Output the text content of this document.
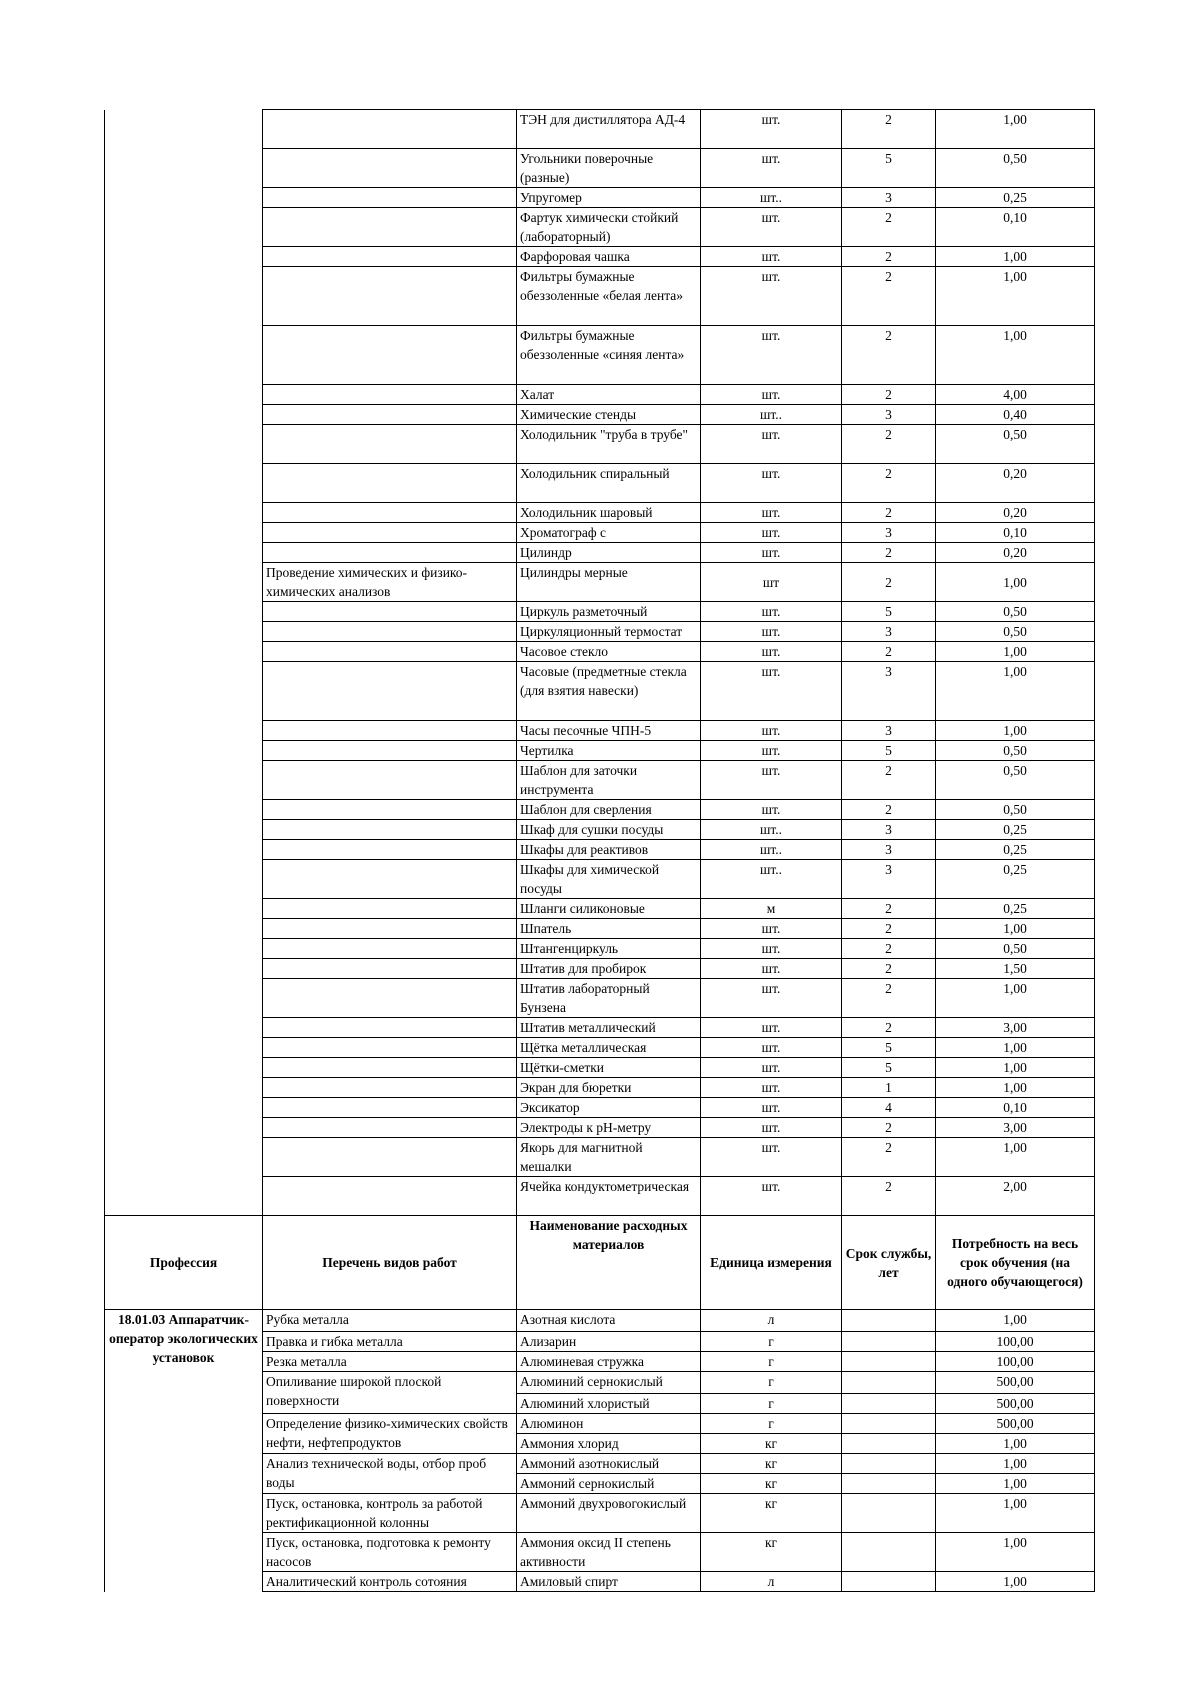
		ТЭН для дистиллятора АД-4	шт.	2	1,00
		Угольники поверочные (разные)	шт.	5	0,50
		Упругомер	шт..	3	0,25
		Фартук химически стойкий (лабораторный)	шт.	2	0,10
		Фарфоровая чашка	шт.	2	1,00
		Фильтры бумажные обеззоленные «белая лента»	шт.	2	1,00
		Фильтры бумажные обеззоленные «синяя лента»	шт.	2	1,00
		Халат	шт.	2	4,00
		Химические стенды	шт..	3	0,40
		Холодильник "труба в трубе"	шт.	2	0,50
		Холодильник спиральный	шт.	2	0,20
		Холодильник шаровый	шт.	2	0,20
		Хроматограф с	шт.	3	0,10
		Цилиндр	шт.	2	0,20
	Проведение химических и физико-химических анализов	Цилиндры мерные	шт	2	1,00
		Циркуль разметочный	шт.	5	0,50
		Циркуляционный термостат	шт.	3	0,50
		Часовое стекло	шт.	2	1,00
		Часовые (предметные стекла (для взятия навески)	шт.	3	1,00
		Часы песочные ЧПН-5	шт.	3	1,00
		Чертилка	шт.	5	0,50
		Шаблон для заточки инструмента	шт.	2	0,50
		Шаблон для сверления	шт.	2	0,50
		Шкаф для сушки посуды	шт..	3	0,25
		Шкафы для реактивов	шт..	3	0,25
		Шкафы для химической посуды	шт..	3	0,25
		Шланги силиконовые	м	2	0,25
		Шпатель	шт.	2	1,00
		Штангенциркуль	шт.	2	0,50
		Штатив для пробирок	шт.	2	1,50
		Штатив лабораторный Бунзена	шт.	2	1,00
		Штатив металлический	шт.	2	3,00
		Щётка металлическая	шт.	5	1,00
		Щётки-сметки	шт.	5	1,00
		Экран для бюретки	шт.	1	1,00
		Эксикатор	шт.	4	0,10
		Электроды к рН-метру	шт.	2	3,00
		Якорь для магнитной мешалки	шт.	2	1,00
		Ячейка кондуктометрическая	шт.	2	2,00
Профессия	Перечень видов работ	Наименование расходных материалов	Единица измерения	Срок службы, лет	Потребность на весь срок обучения (на одного обучающегося)

18.01.03 Аппаратчик-оператор экологических установок	Рубка металла	Азотная кислота	л		1,00
	Правка и гибка металла	Ализарин	г		100,00
	Резка металла	Алюминевая стружка	г		100,00
	Опиливание широкой плоской поверхности	Алюминий сернокислый	г		500,00
		Алюминий хлористый	г		500,00
	Определение физико-химических свойств нефти, нефтепродуктов	Алюминон	г		500,00
		Аммония хлорид	кг		1,00
	Анализ технической воды, отбор проб воды	Аммоний азотнокислый	кг		1,00
		Аммоний сернокислый	кг		1,00
	Пуск, остановка, контроль за работой ректификационной колонны	Аммоний двухровогокислый	кг		1,00
	Пуск, остановка, подготовка к ремонту насосов	Аммония оксид II степень активности	кг		1,00
	Аналитический контроль сотояния	Амиловый спирт	л		1,00
